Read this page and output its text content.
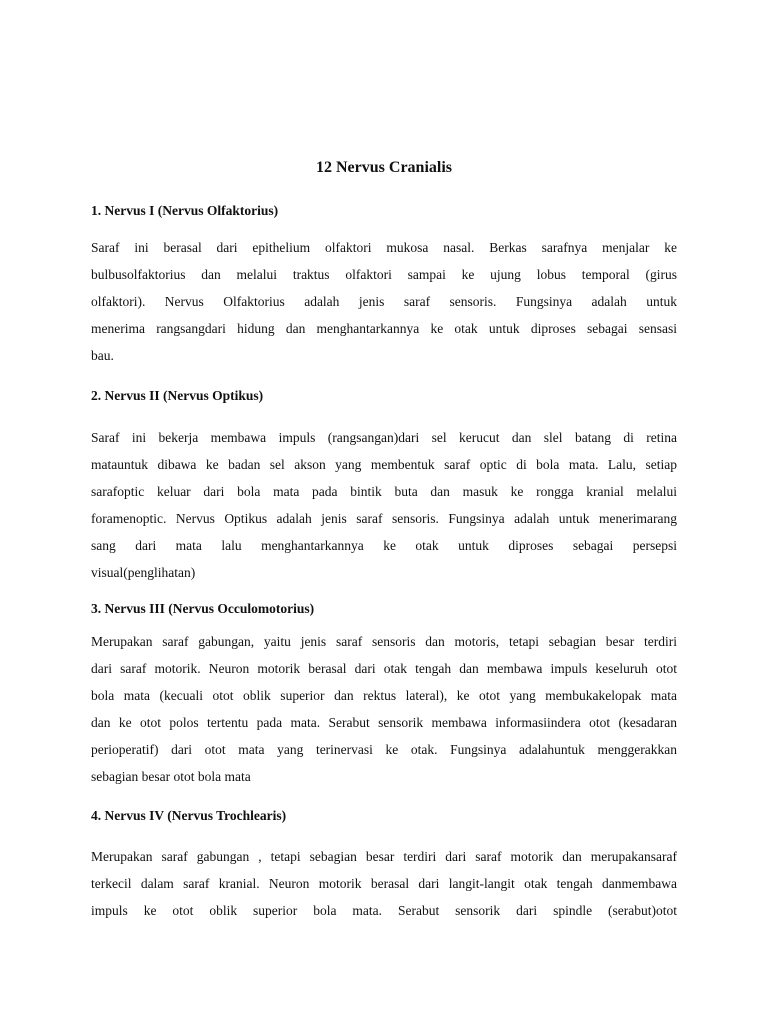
12 Nervus Cranialis
1. Nervus I (Nervus Olfaktorius)
Saraf ini berasal dari epithelium olfaktori mukosa nasal. Berkas sarafnya menjalar ke
bulbusolfaktorius dan melalui traktus olfaktori sampai ke ujung lobus temporal (girus
olfaktori). Nervus Olfaktorius adalah jenis saraf sensoris. Fungsinya adalah untuk
menerima rangsangdari hidung dan menghantarkannya ke otak untuk diproses sebagai sensasi
bau.
2. Nervus II (Nervus Optikus)
Saraf ini bekerja membawa impuls (rangsangan)dari sel kerucut dan slel batang di retina
matauntuk dibawa ke badan sel akson yang membentuk saraf optic di bola mata. Lalu, setiap
sarafoptic keluar dari bola mata pada bintik buta dan masuk ke rongga kranial melalui
foramenoptic. Nervus Optikus adalah jenis saraf sensoris. Fungsinya adalah untuk menerimarang
sang dari mata lalu menghantarkannya ke otak untuk diproses sebagai persepsi
visual(penglihatan)
3. Nervus III (Nervus Occulomotorius)
Merupakan saraf gabungan, yaitu jenis saraf sensoris dan motoris, tetapi sebagian besar terdiri
dari saraf motorik. Neuron motorik berasal dari otak tengah dan membawa impuls keseluruh otot
bola mata (kecuali otot oblik superior dan rektus lateral), ke otot yang membukakelopak mata
dan ke otot polos tertentu pada mata. Serabut sensorik membawa informasiindera otot (kesadaran
perioperatif) dari otot mata yang terinervasi ke otak. Fungsinya adalahuntuk menggerakkan
sebagian besar otot bola mata
4. Nervus IV (Nervus Trochlearis)
Merupakan saraf gabungan , tetapi sebagian besar terdiri dari saraf motorik dan merupakansaraf
terkecil dalam saraf kranial. Neuron motorik berasal dari langit-langit otak tengah danmembawa
impuls ke otot oblik superior bola mata. Serabut sensorik dari spindle (serabut)otot
